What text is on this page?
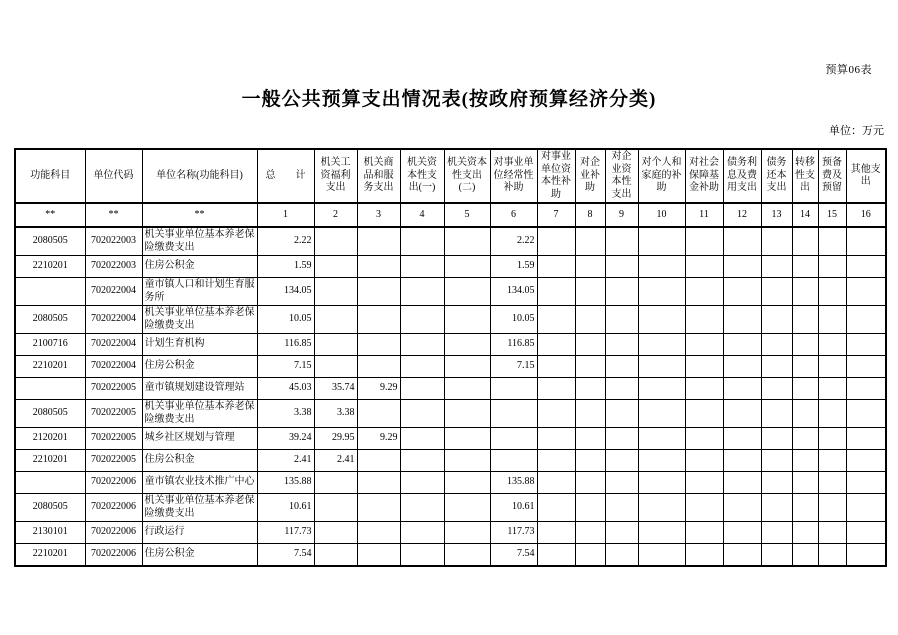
预算06表
一般公共预算支出情况表(按政府预算经济分类)
单位：万元
功能科目	单位代码	单位名称(功能科目)	总　　计	机关工资福利支出	机关商品和服务支出	机关资本性支出(一)	机关资本性支出(二)	对事业单位经常性补助	对事业单位资本性补助	对企业补助	对企业资本性支出	对个人和家庭的补助	对社会保障基金补助	债务利息及费用支出	债务还本支出	转移性支出	预备费及预留	其他支出
**	**	**	1	2	3	4	5	6	7	8	9	10	11	12	13	14	15	16
2080505	702022003	机关事业单位基本养老保险缴费支出	2.22					2.22										
2210201	702022003	住房公积金	1.59					1.59										
	702022004	童市镇人口和计划生育服务所	134.05					134.05										
2080505	702022004	机关事业单位基本养老保险缴费支出	10.05					10.05										
2100716	702022004	计划生育机构	116.85					116.85										
2210201	702022004	住房公积金	7.15					7.15										
	702022005	童市镇规划建设管理站	45.03	35.74	9.29													
2080505	702022005	机关事业单位基本养老保险缴费支出	3.38	3.38														
2120201	702022005	城乡社区规划与管理	39.24	29.95	9.29													
2210201	702022005	住房公积金	2.41	2.41														
	702022006	童市镇农业技术推广中心	135.88					135.88										
2080505	702022006	机关事业单位基本养老保险缴费支出	10.61					10.61										
2130101	702022006	行政运行	117.73					117.73										
2210201	702022006	住房公积金	7.54					7.54										
